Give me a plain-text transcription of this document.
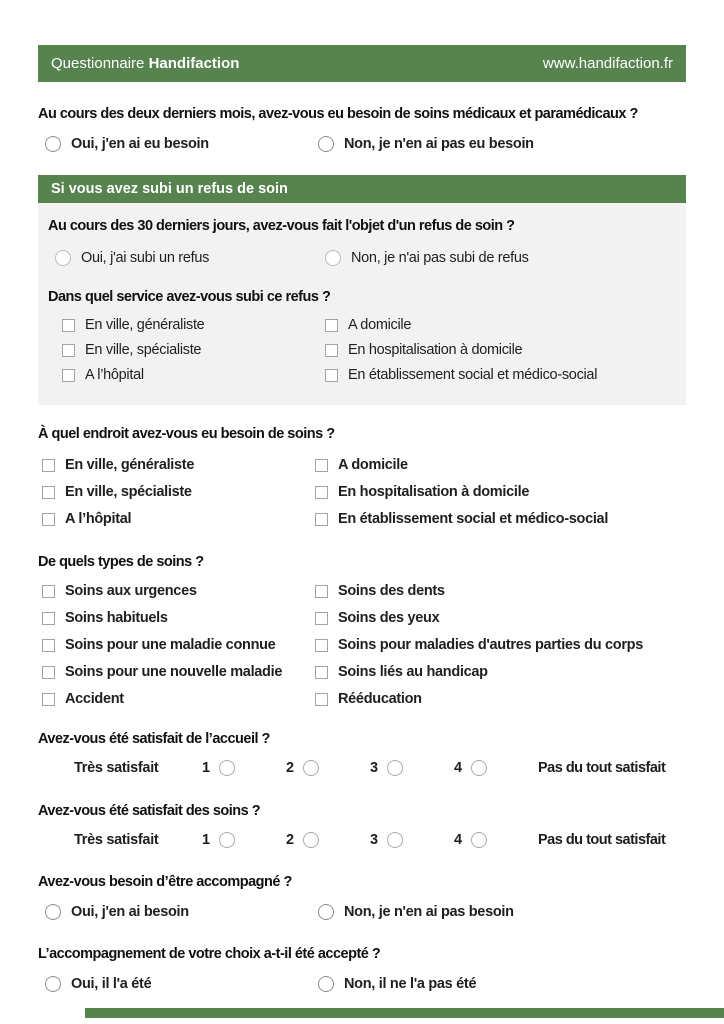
Questionnaire Handifaction	www.handifaction.fr
Au cours des deux derniers mois, avez-vous eu besoin de soins médicaux et paramédicaux ?
Oui, j'en ai eu besoin	Non, je n'en ai pas eu besoin
Si vous avez subi un refus de soin
Au cours des 30 derniers jours, avez-vous fait l'objet d'un refus de soin ?
Oui, j'ai subi un refus	Non, je n'ai pas subi de refus
Dans quel service avez-vous subi ce refus ?
En ville, généraliste	A domicile
En ville, spécialiste	En hospitalisation à domicile
A l’hôpital	En établissement social et médico-social
À quel endroit avez-vous eu besoin de soins ?
En ville, généraliste	A domicile
En ville, spécialiste	En hospitalisation à domicile
A l’hôpital	En établissement social et médico-social
De quels types de soins ?
Soins aux urgences	Soins des dents
Soins habituels	Soins des yeux
Soins pour une maladie connue	Soins pour maladies d'autres parties du corps
Soins pour une nouvelle maladie	Soins liés au handicap
Accident	Rééducation
Avez-vous été satisfait de l’accueil ?
Très satisfait	1	2	3	4	Pas du tout satisfait
Avez-vous été satisfait des soins ?
Très satisfait	1	2	3	4	Pas du tout satisfait
Avez-vous besoin d’être accompagné ?
Oui, j'en ai besoin	Non, je n'en ai pas besoin
L’accompagnement de votre choix a-t-il été accepté ?
Oui, il l'a été	Non, il ne l'a pas été
